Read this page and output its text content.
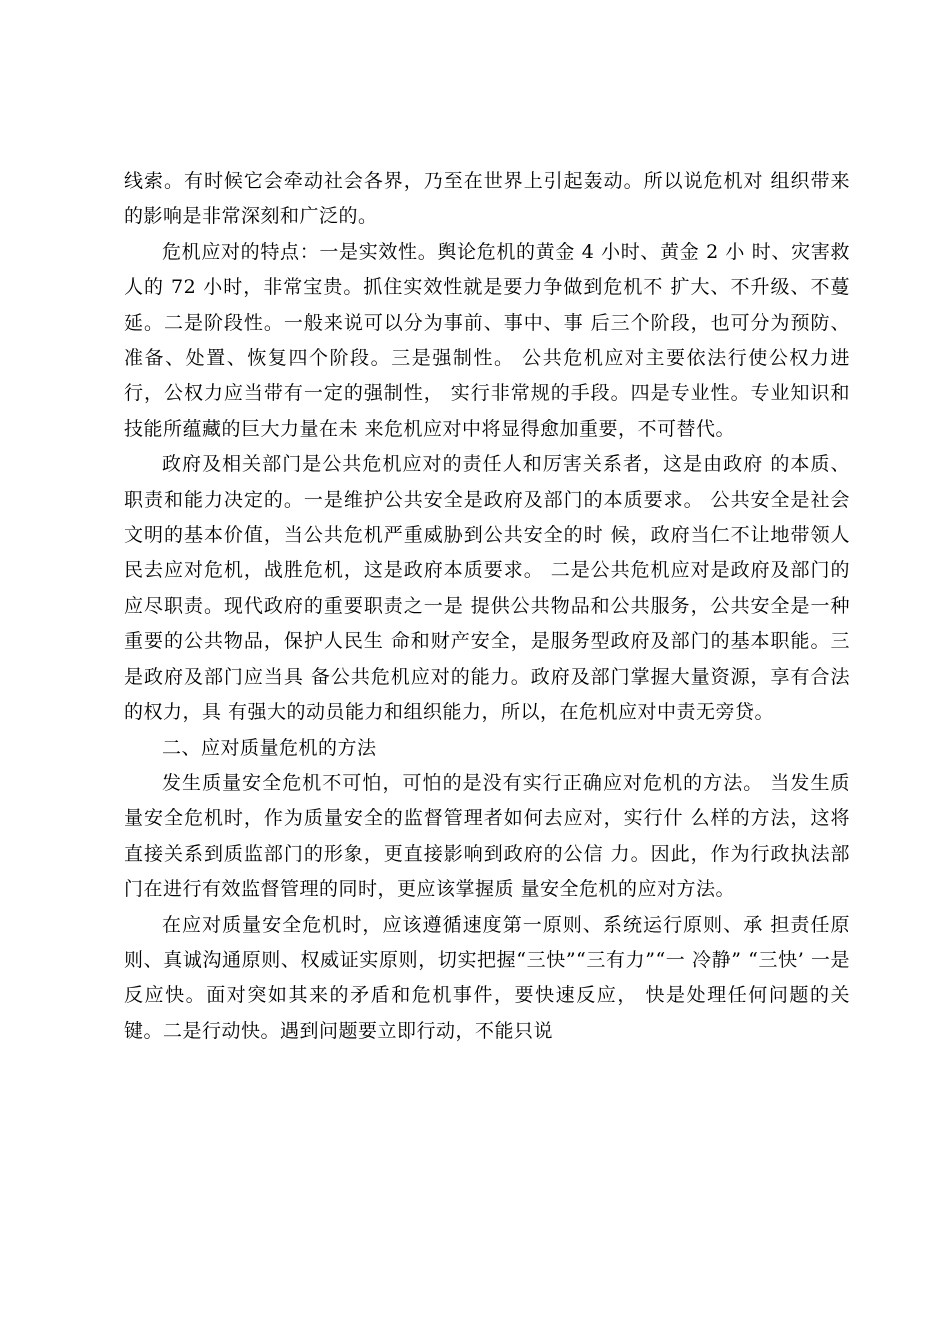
线索。有时候它会牵动社会各界，乃至在世界上引起轰动。所以说危机对 组织带来的影响是非常深刻和广泛的。

危机应对的特点：一是实效性。舆论危机的黄金 4 小时、黄金 2 小 时、灾害救人的 72 小时，非常宝贵。抓住实效性就是要力争做到危机不 扩大、不升级、不蔓延。二是阶段性。一般来说可以分为事前、事中、事 后三个阶段，也可分为预防、准备、处置、恢复四个阶段。三是强制性。 公共危机应对主要依法行使公权力进行，公权力应当带有一定的强制性， 实行非常规的手段。四是专业性。专业知识和技能所蕴藏的巨大力量在未 来危机应对中将显得愈加重要，不可替代。

政府及相关部门是公共危机应对的责任人和厉害关系者，这是由政府 的本质、职责和能力决定的。一是维护公共安全是政府及部门的本质要求。 公共安全是社会文明的基本价值，当公共危机严重威胁到公共安全的时 候，政府当仁不让地带领人民去应对危机，战胜危机，这是政府本质要求。 二是公共危机应对是政府及部门的应尽职责。现代政府的重要职责之一是 提供公共物品和公共服务，公共安全是一种重要的公共物品，保护人民生 命和财产安全，是服务型政府及部门的基本职能。三是政府及部门应当具 备公共危机应对的能力。政府及部门掌握大量资源，享有合法的权力，具 有强大的动员能力和组织能力，所以，在危机应对中责无旁贷。

二、应对质量危机的方法

发生质量安全危机不可怕，可怕的是没有实行正确应对危机的方法。 当发生质量安全危机时，作为质量安全的监督管理者如何去应对，实行什 么样的方法，这将直接关系到质监部门的形象，更直接影响到政府的公信 力。因此，作为行政执法部门在进行有效监督管理的同时，更应该掌握质 量安全危机的应对方法。

在应对质量安全危机时，应该遵循速度第一原则、系统运行原则、承 担责任原则、真诚沟通原则、权威证实原则，切实把握“三快”“三有力”“一 冷静” “三快’ 一是反应快。面对突如其来的矛盾和危机事件，要快速反应， 快是处理任何问题的关键。二是行动快。遇到问题要立即行动，不能只说
